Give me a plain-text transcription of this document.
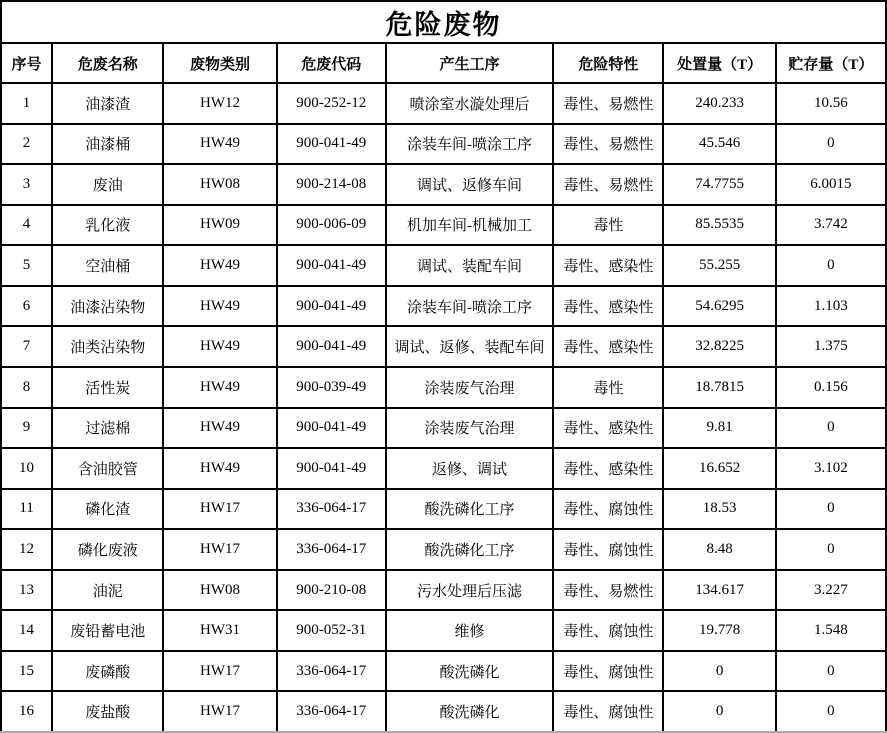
危险废物							
序号	危废名称	废物类别	危废代码	产生工序	危险特性	处置量（T）	贮存量（T）
1	油漆渣	HW12	900-252-12	喷涂室水漩处理后	毒性、易燃性	240.233	10.56
2	油漆桶	HW49	900-041-49	涂装车间-喷涂工序	毒性、易燃性	45.546	0
3	废油	HW08	900-214-08	调试、返修车间	毒性、易燃性	74.7755	6.0015
4	乳化液	HW09	900-006-09	机加车间-机械加工	毒性	85.5535	3.742
5	空油桶	HW49	900-041-49	调试、装配车间	毒性、感染性	55.255	0
6	油漆沾染物	HW49	900-041-49	涂装车间-喷涂工序	毒性、感染性	54.6295	1.103
7	油类沾染物	HW49	900-041-49	调试、返修、装配车间	毒性、感染性	32.8225	1.375
8	活性炭	HW49	900-039-49	涂装废气治理	毒性	18.7815	0.156
9	过滤棉	HW49	900-041-49	涂装废气治理	毒性、感染性	9.81	0
10	含油胶管	HW49	900-041-49	返修、调试	毒性、感染性	16.652	3.102
11	磷化渣	HW17	336-064-17	酸洗磷化工序	毒性、腐蚀性	18.53	0
12	磷化废液	HW17	336-064-17	酸洗磷化工序	毒性、腐蚀性	8.48	0
13	油泥	HW08	900-210-08	污水处理后压滤	毒性、易燃性	134.617	3.227
14	废铅蓄电池	HW31	900-052-31	维修	毒性、腐蚀性	19.778	1.548
15	废磷酸	HW17	336-064-17	酸洗磷化	毒性、腐蚀性	0	0
16	废盐酸	HW17	336-064-17	酸洗磷化	毒性、腐蚀性	0	0
